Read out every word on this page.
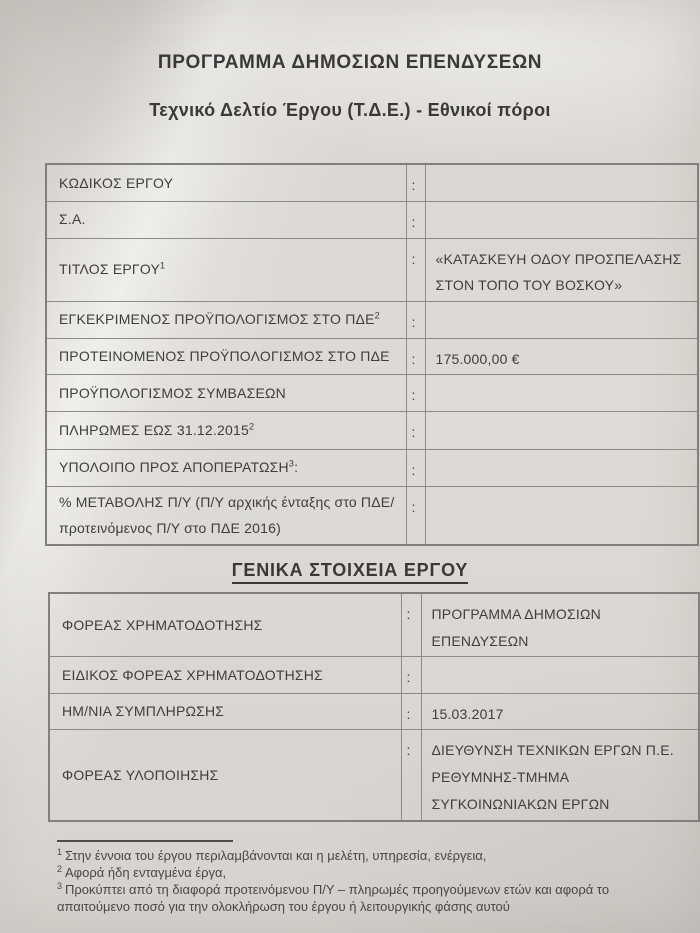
ΠΡΟΓΡΑΜΜΑ ΔΗΜΟΣΙΩΝ ΕΠΕΝΔΥΣΕΩΝ
Τεχνικό Δελτίο Έργου (Τ.Δ.Ε.) - Εθνικοί πόροι
ΚΩΔΙΚΟΣ ΕΡΓΟΥ	:	
Σ.Α.	:	
ΤΙΤΛΟΣ ΕΡΓΟΥ$^1$	:	«ΚΑΤΑΣΚΕΥΗ ΟΔΟΥ ΠΡΟΣΠΕΛΑΣΗΣ ΣΤΟΝ ΤΟΠΟ ΤΟΥ ΒΟΣΚΟΥ»
ΕΓΚΕΚΡΙΜΕΝΟΣ ΠΡΟΫΠΟΛΟΓΙΣΜΟΣ ΣΤΟ ΠΔΕ$^2$	:	
ΠΡΟΤΕΙΝΟΜΕΝΟΣ ΠΡΟΫΠΟΛΟΓΙΣΜΟΣ ΣΤΟ ΠΔΕ	:	175.000,00 €
ΠΡΟΫΠΟΛΟΓΙΣΜΟΣ ΣΥΜΒΑΣΕΩΝ	:	
ΠΛΗΡΩΜΕΣ ΕΩΣ 31.12.2015$^2$	:	
ΥΠΟΛΟΙΠΟ ΠΡΟΣ ΑΠΟΠΕΡΑΤΩΣΗ$^3$:	:	
% ΜΕΤΑΒΟΛΗΣ Π/Υ (Π/Υ αρχικής ένταξης στο ΠΔΕ/ προτεινόμενος Π/Υ στο ΠΔΕ 2016)	:	
ΓΕΝΙΚΑ ΣΤΟΙΧΕΙΑ ΕΡΓΟΥ
ΦΟΡΕΑΣ ΧΡΗΜΑΤΟΔΟΤΗΣΗΣ	:	ΠΡΟΓΡΑΜΜΑ ΔΗΜΟΣΙΩΝ ΕΠΕΝΔΥΣΕΩΝ
ΕΙΔΙΚΟΣ ΦΟΡΕΑΣ ΧΡΗΜΑΤΟΔΟΤΗΣΗΣ	:	
ΗΜ/ΝΙΑ ΣΥΜΠΛΗΡΩΣΗΣ	:	15.03.2017
ΦΟΡΕΑΣ ΥΛΟΠΟΙΗΣΗΣ	:	ΔΙΕΥΘΥΝΣΗ ΤΕΧΝΙΚΩΝ ΕΡΓΩΝ Π.Ε. ΡΕΘΥΜΝΗΣ-ΤΜΗΜΑ ΣΥΓΚΟΙΝΩΝΙΑΚΩΝ ΕΡΓΩΝ
$^1$ Στην έννοια του έργου περιλαμβάνονται και η μελέτη, υπηρεσία, ενέργεια,
$^2$ Αφορά ήδη ενταγμένα έργα,
$^3$ Προκύπτει από τη διαφορά προτεινόμενου Π/Υ – πληρωμές προηγούμενων ετών και αφορά το απαιτούμενο ποσό για την ολοκλήρωση του έργου ή λειτουργικής φάσης αυτού
